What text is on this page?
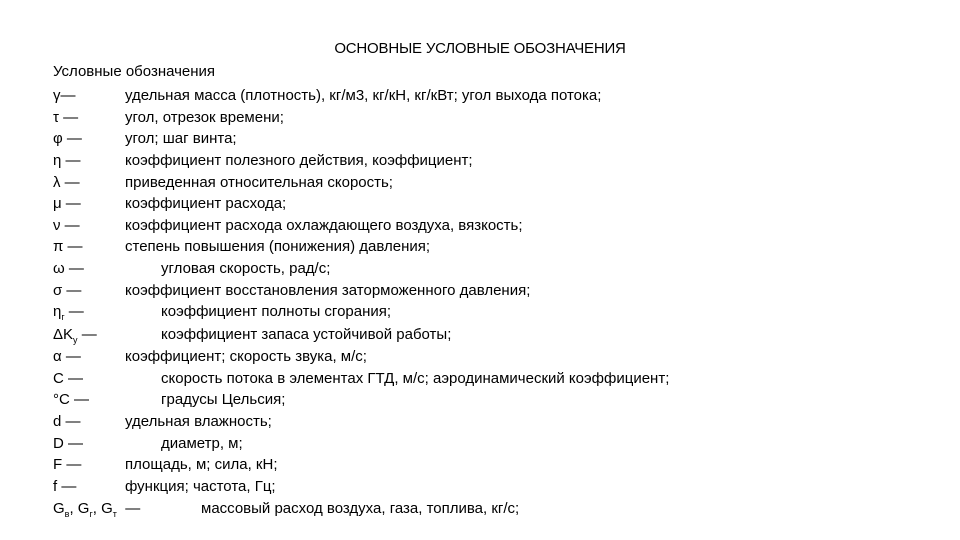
ОСНОВНЫЕ УСЛОВНЫЕ ОБОЗНАЧЕНИЯ
Условные обозначения
γ—	удельная масса (плотность), кг/м3, кг/кН, кг/кВт; угол выхода потока;
τ —	угол, отрезок времени;
φ —	угол; шаг винта;
η —	коэффициент полезного действия, коэффициент;
λ —	приведенная относительная скорость;
μ —	коэффициент расхода;
ν —	коэффициент расхода охлаждающего воздуха, вязкость;
π —	степень повышения (понижения) давления;
ω —	угловая скорость, рад/с;
σ —	коэффициент восстановления заторможенного давления;
$\eta_г$ —	коэффициент полноты сгорания;
$\Delta K_у$ —	коэффициент запаса устойчивой работы;
α —	коэффициент; скорость звука, м/с;
С —	скорость потока в элементах ГТД, м/с; аэродинамический коэффициент;
°С —	градусы Цельсия;
d —	удельная влажность;
D —	диаметр, м;
F —	площадь, м; сила, кН;
f —	функция; частота, Гц;
$G_в$, $G_г$, $G_т$  —	массовый расход воздуха, газа, топлива, кг/с;
